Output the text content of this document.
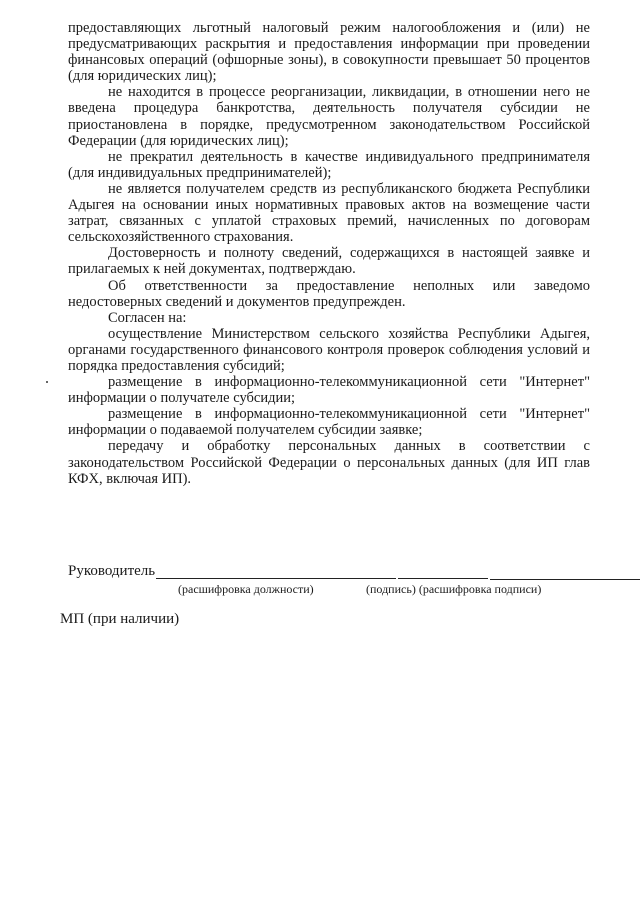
предоставляющих льготный налоговый режим налогообложения и (или) не предусматривающих раскрытия и предоставления информации при проведении финансовых операций (офшорные зоны), в совокупности превышает 50 процентов (для юридических лиц);

не находится в процессе реорганизации, ликвидации, в отношении него не введена процедура банкротства, деятельность получателя субсидии не приостановлена в порядке, предусмотренном законодательством Российской Федерации (для юридических лиц);

не прекратил деятельность в качестве индивидуального предпринимателя (для индивидуальных предпринимателей);

не является получателем средств из республиканского бюджета Республики Адыгея на основании иных нормативных правовых актов на возмещение части затрат, связанных с уплатой страховых премий, начисленных по договорам сельскохозяйственного страхования.

Достоверность и полноту сведений, содержащихся в настоящей заявке и прилагаемых к ней документах, подтверждаю.

Об ответственности за предоставление неполных или заведомо недостоверных сведений и документов предупрежден.

Согласен на:

осуществление Министерством сельского хозяйства Республики Адыгея, органами государственного финансового контроля проверок соблюдения условий и порядка предоставления субсидий;

размещение в информационно-телекоммуникационной сети "Интернет" информации о получателе субсидии;

размещение в информационно-телекоммуникационной сети "Интернет" информации о подаваемой получателем субсидии заявке;

передачу и обработку персональных данных в соответствии с законодательством Российской Федерации о персональных данных (для ИП глав КФХ, включая ИП).

Руководитель
(расшифровка должности)	(подпись) (расшифровка подписи)
МП (при наличии)
